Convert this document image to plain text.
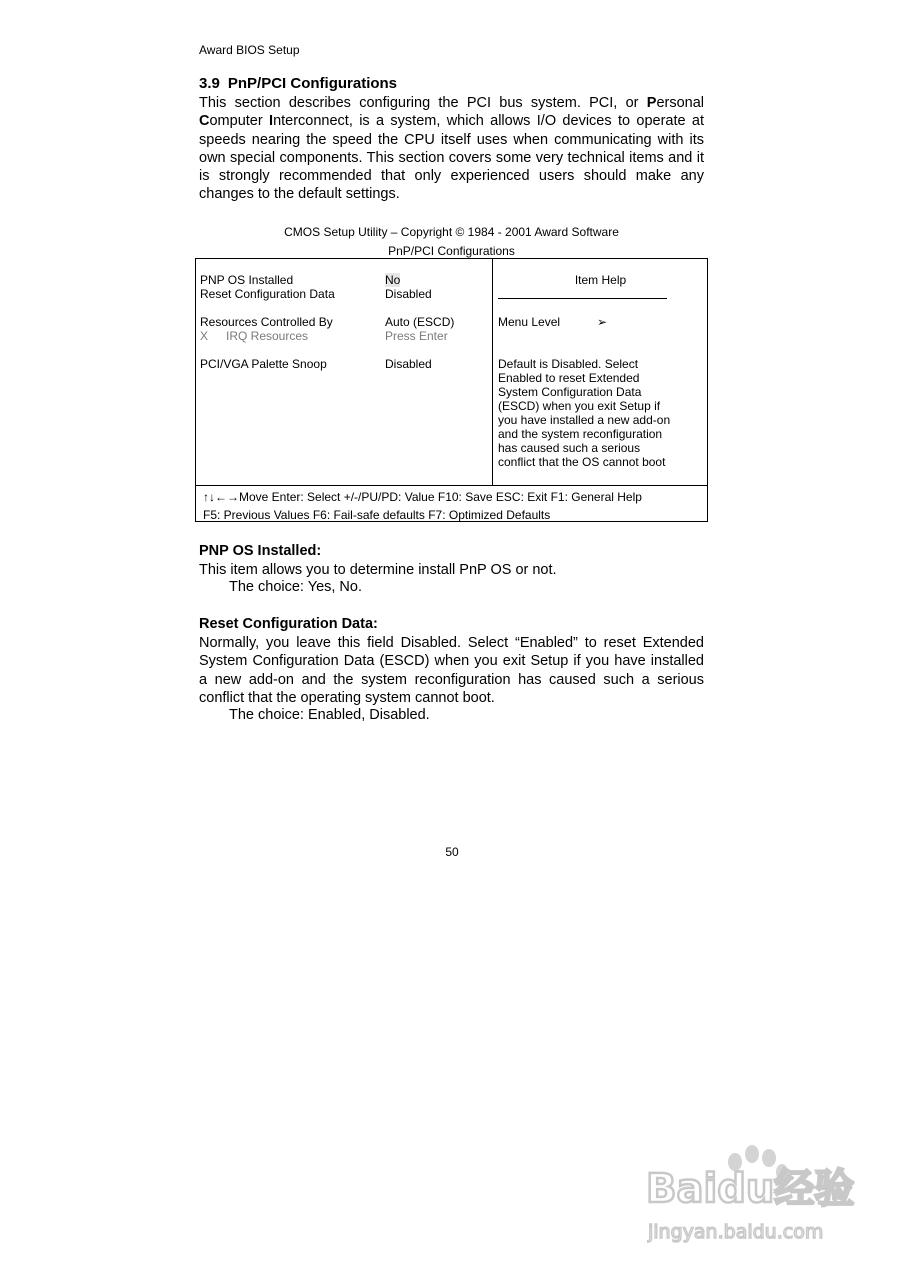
Award BIOS Setup
3.9 PnP/PCI Configurations
This section describes configuring the PCI bus system. PCI, or Personal Computer Interconnect, is a system, which allows I/O devices to operate at speeds nearing the speed the CPU itself uses when communicating with its own special components. This section covers some very technical items and it is strongly recommended that only experienced users should make any changes to the default settings.
CMOS Setup Utility – Copyright © 1984 - 2001 Award Software
PnP/PCI Configurations
PNP OS Installed	No
Reset Configuration Data	Disabled
Resources Controlled By	Auto (ESCD)
X IRQ Resources	Press Enter
PCI/VGA Palette Snoop	Disabled
Item Help
Menu Level	➢
Default is Disabled. Select
Enabled to reset Extended
System Configuration Data
(ESCD) when you exit Setup if
you have installed a new add-on
and the system reconfiguration
has caused such a serious
conflict that the OS cannot boot
↑↓←→Move Enter: Select +/-/PU/PD: Value F10: Save ESC: Exit F1: General Help
F5: Previous Values F6: Fail-safe defaults F7: Optimized Defaults
PNP OS Installed:
This item allows you to determine install PnP OS or not.
The choice: Yes, No.
Reset Configuration Data:
Normally, you leave this field Disabled. Select “Enabled” to reset Extended System Configuration Data (ESCD) when you exit Setup if you have installed a new add-on and the system reconfiguration has caused such a serious conflict that the operating system cannot boot.
The choice: Enabled, Disabled.
50
Baidu经验
jingyan.baidu.com
